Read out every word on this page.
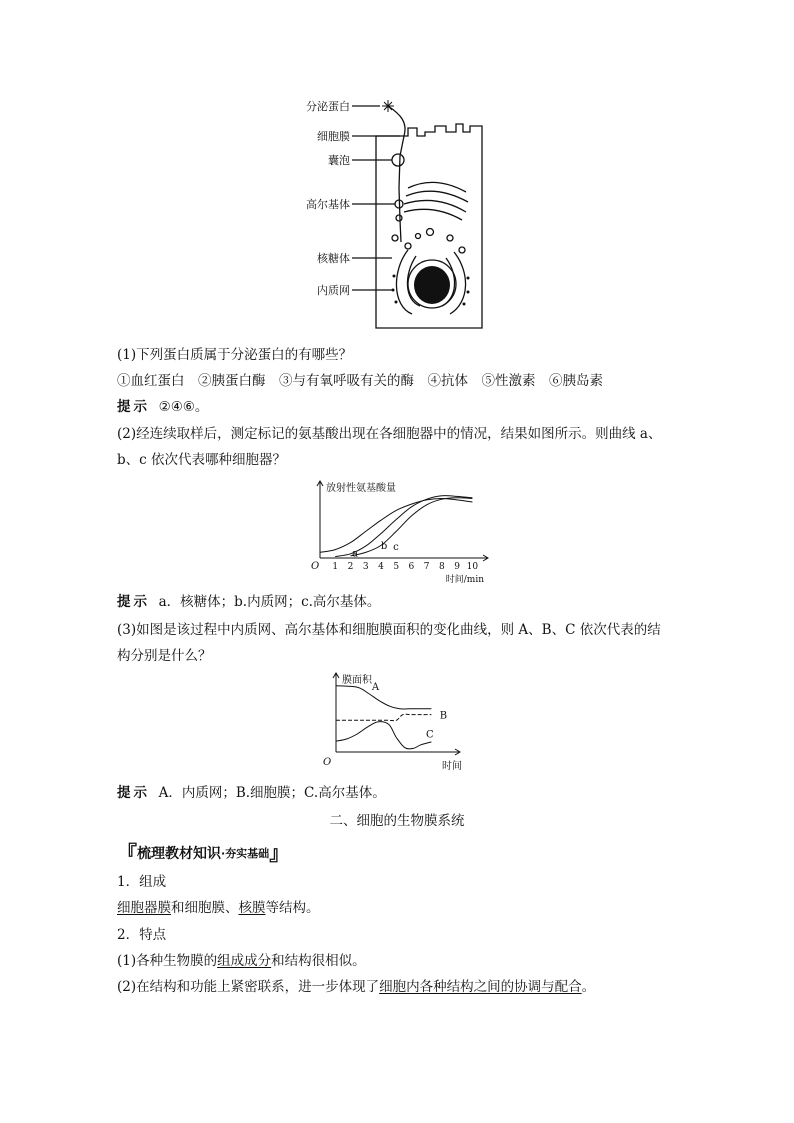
分泌蛋白
细胞膜
囊泡
高尔基体
核糖体
内质网
(1)下列蛋白质属于分泌蛋白的有哪些？
①血红蛋白　②胰蛋白酶　③与有氧呼吸有关的酶　④抗体　⑤性激素　⑥胰岛素
提示 ②④⑥。
(2)经连续取样后，测定标记的氨基酸出现在各细胞器中的情况，结果如图所示。则曲线 a、
b、c 依次代表哪种细胞器？
1 2 3 4 5 6 7 8 9 10
O
放射性氨基酸量
时间/min
a
b c
提示 a．核糖体；b.内质网；c.高尔基体。
(3)如图是该过程中内质网、高尔基体和细胞膜面积的变化曲线，则 A、B、C 依次代表的结
构分别是什么？
O
膜面积
时间
A
B
C
提示 A．内质网；B.细胞膜；C.高尔基体。
二、细胞的生物膜系统
『 梳理教材知识 · 夯实基础 』
1．组成
细胞器膜和细胞膜、核膜等结构。
2．特点
(1)各种生物膜的组成成分和结构很相似。
(2)在结构和功能上紧密联系，进一步体现了细胞内各种结构之间的协调与配合。
